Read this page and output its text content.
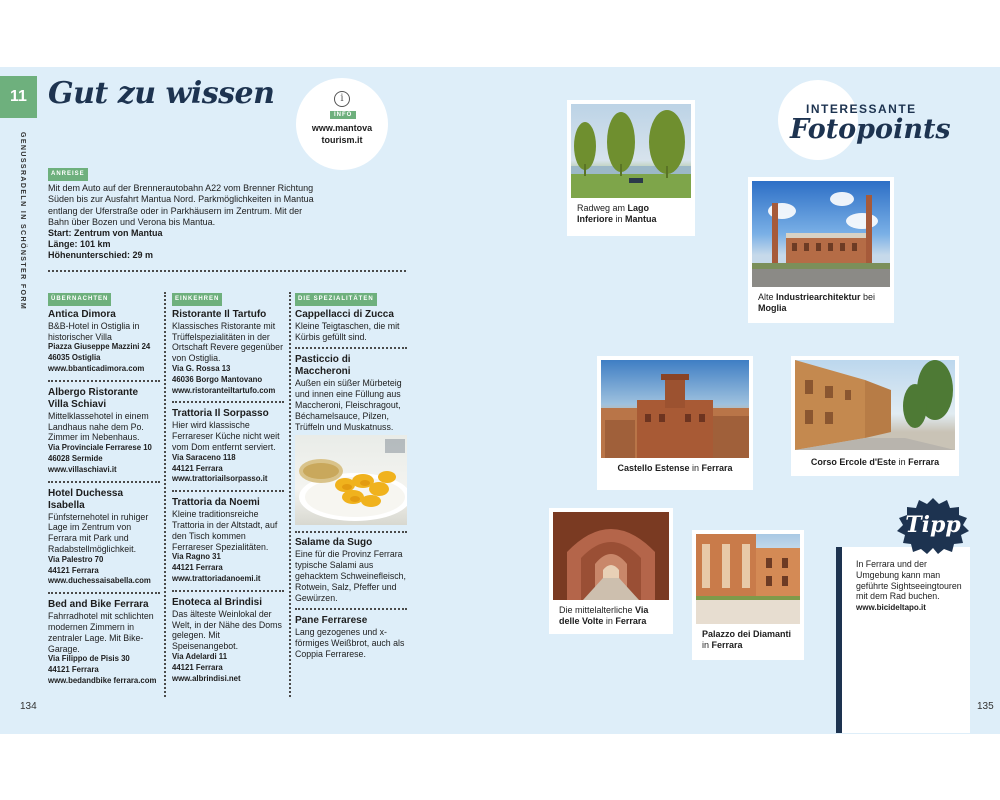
11
GENUSSRADELN IN SCHÖNSTER FORM
Gut zu wissen	i
INFO
www.mantova
tourism.it
ANREISE

Mit dem Auto auf der Brennerautobahn A22 vom Brenner Richtung Süden bis zur Ausfahrt Mantua Nord. Parkmöglichkeiten in Mantua entlang der Uferstraße oder in Parkhäusern im Zentrum. Mit der Bahn über Bozen und Verona bis Mantua.

Start: Zentrum von Mantua

Länge: 101 km

Höhenunterschied: 29 m

ÜBERNACHTEN
Antica Dimora
B&B-Hotel in Ostiglia in historischer Villa
Piazza Giuseppe Mazzini 24
46035 Ostiglia
www.bbanticadimora.com
Albergo Ristorante Villa Schiavi
Mittelklassehotel in einem Landhaus nahe dem Po. Zimmer im Nebenhaus.
Via Provinciale Ferrarese 10
46028 Sermide
www.villaschiavi.it
Hotel Duchessa Isabella
Fünfsternehotel in ruhiger Lage im Zentrum von Ferrara mit Park und Radabstellmöglichkeit.
Via Palestro 70
44121 Ferrara
www.duchessaisabella.com
Bed and Bike Ferrara
Fahrradhotel mit schlichten modernen Zimmern in zentraler Lage. Mit Bike-Garage.
Via Filippo de Pisis 30
44121 Ferrara
www.bedandbike ferrara.com
EINKEHREN
Ristorante Il Tartufo
Klassisches Ristorante mit Trüffelspezialitäten in der Ortschaft Revere gegenüber von Ostiglia.
Via G. Rossa 13
46036 Borgo Mantovano
www.ristoranteiltartufo.com
Trattoria Il Sorpasso
Hier wird klassische Ferrareser Küche nicht weit vom Dom entfernt serviert.
Via Saraceno 118
44121 Ferrara
www.trattoriailsorpasso.it
Trattoria da Noemi
Kleine traditionsreiche Trattoria in der Altstadt, auf den Tisch kommen Ferrareser Spezialitäten.
Via Ragno 31
44121 Ferrara
www.trattoriadanoemi.it
Enoteca al Brindisi
Das älteste Weinlokal der Welt, in der Nähe des Doms gelegen. Mit Speisenangebot.
Via Adelardi 11
44121 Ferrara
www.albrindisi.net
DIE SPEZIALITÄTEN
Cappellacci di Zucca
Kleine Teigtaschen, die mit Kürbis gefüllt sind.
Pasticcio di Maccheroni
Außen ein süßer Mürbeteig und innen eine Füllung aus Maccheroni, Fleischragout, Béchamelsauce, Pilzen, Trüffeln und Muskatnuss.
Salame da Sugo
Eine für die Provinz Ferrara typische Salami aus gehacktem Schweinefleisch, Rotwein, Salz, Pfeffer und Gewürzen.
Pane Ferrarese
Lang gezogenes und x-förmiges Weißbrot, auch als Coppia Ferrarese.
134
INTERESSANTE
Fotopoints
Radweg am Lago Inferiore in Mantua
Alte Industriearchitektur bei Moglia
Castello Estense in Ferrara
Corso Ercole d'Este in Ferrara
Die mittelalterliche Via delle Volte in Ferrara
Palazzo dei Diamanti in Ferrara
In Ferrara und der Umgebung kann man geführte Sightseeingtouren mit dem Rad buchen.
www.bicideltapo.it
Tipp
135
